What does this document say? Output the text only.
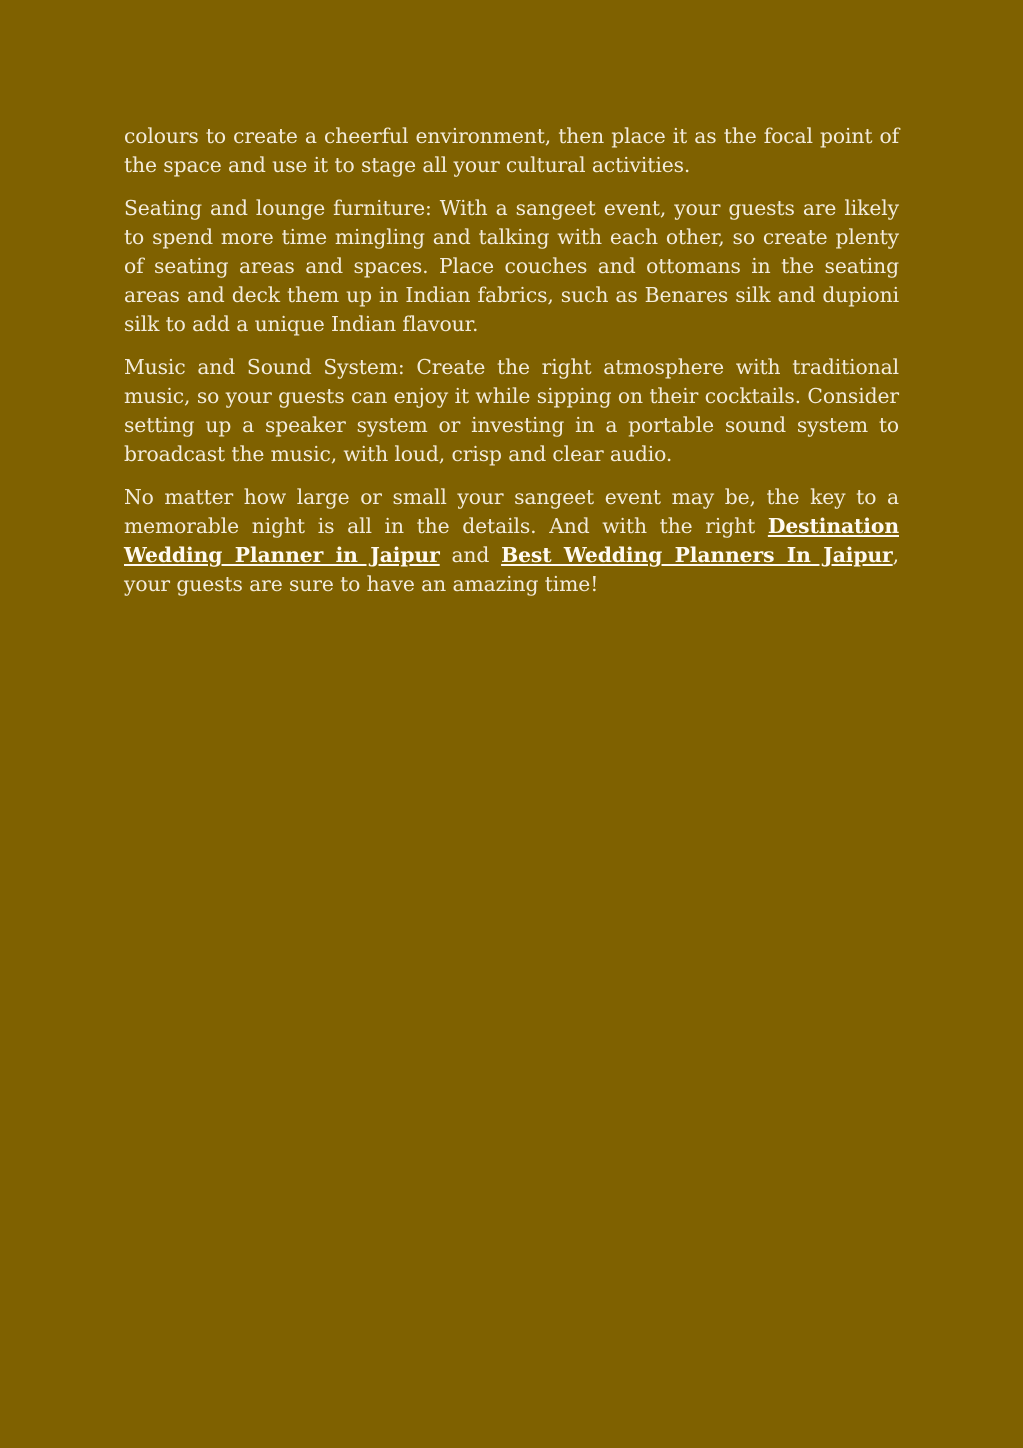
colours to create a cheerful environment, then place it as the focal point of the space and use it to stage all your cultural activities.

Seating and lounge furniture: With a sangeet event, your guests are likely to spend more time mingling and talking with each other, so create plenty of seating areas and spaces. Place couches and ottomans in the seating areas and deck them up in Indian fabrics, such as Benares silk and dupioni silk to add a unique Indian flavour.

Music and Sound System: Create the right atmosphere with traditional music, so your guests can enjoy it while sipping on their cocktails. Consider setting up a speaker system or investing in a portable sound system to broadcast the music, with loud, crisp and clear audio.

No matter how large or small your sangeet event may be, the key to a memorable night is all in the details. And with the right Destination Wedding Planner in Jaipur and Best Wedding Planners In Jaipur, your guests are sure to have an amazing time!
